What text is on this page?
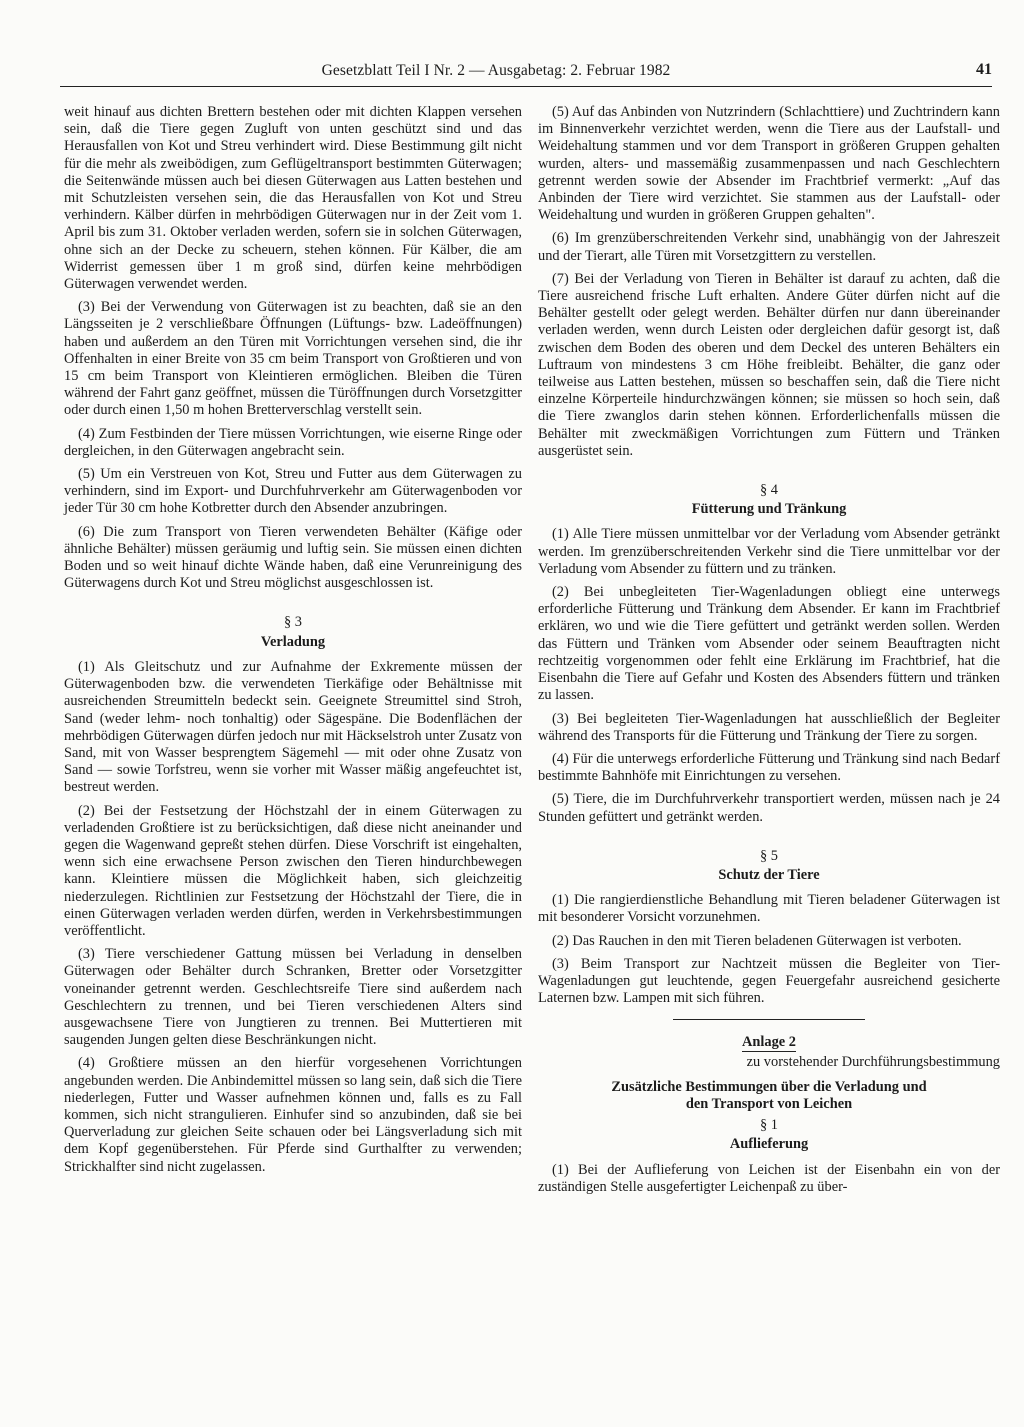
Gesetzblatt Teil I Nr. 2 — Ausgabetag: 2. Februar 1982	41

weit hinauf aus dichten Brettern bestehen oder mit dichten Klappen versehen sein, daß die Tiere gegen Zugluft von unten geschützt sind und das Herausfallen von Kot und Streu verhindert wird. Diese Bestimmung gilt nicht für die mehr als zweibödigen, zum Geflügeltransport bestimmten Güterwagen; die Seitenwände müssen auch bei diesen Güterwagen aus Latten bestehen und mit Schutzleisten versehen sein, die das Herausfallen von Kot und Streu verhindern. Kälber dürfen in mehrbödigen Güterwagen nur in der Zeit vom 1. April bis zum 31. Oktober verladen werden, sofern sie in solchen Güterwagen, ohne sich an der Decke zu scheuern, stehen können. Für Kälber, die am Widerrist gemessen über 1 m groß sind, dürfen keine mehrbödigen Güterwagen verwendet werden.

(3) Bei der Verwendung von Güterwagen ist zu beachten, daß sie an den Längsseiten je 2 verschließbare Öffnungen (Lüftungs- bzw. Ladeöffnungen) haben und außerdem an den Türen mit Vorrichtungen versehen sind, die ihr Offenhalten in einer Breite von 35 cm beim Transport von Großtieren und von 15 cm beim Transport von Kleintieren ermöglichen. Bleiben die Türen während der Fahrt ganz geöffnet, müssen die Türöffnungen durch Vorsetzgitter oder durch einen 1,50 m hohen Bretterverschlag verstellt sein.

(4) Zum Festbinden der Tiere müssen Vorrichtungen, wie eiserne Ringe oder dergleichen, in den Güterwagen angebracht sein.

(5) Um ein Verstreuen von Kot, Streu und Futter aus dem Güterwagen zu verhindern, sind im Export- und Durchfuhrverkehr am Güterwagenboden vor jeder Tür 30 cm hohe Kotbretter durch den Absender anzubringen.

(6) Die zum Transport von Tieren verwendeten Behälter (Käfige oder ähnliche Behälter) müssen geräumig und luftig sein. Sie müssen einen dichten Boden und so weit hinauf dichte Wände haben, daß eine Verunreinigung des Güterwagens durch Kot und Streu möglichst ausgeschlossen ist.

§ 3
Verladung

(1) Als Gleitschutz und zur Aufnahme der Exkremente müssen der Güterwagenboden bzw. die verwendeten Tierkäfige oder Behältnisse mit ausreichenden Streumitteln bedeckt sein. Geeignete Streumittel sind Stroh, Sand (weder lehm- noch tonhaltig) oder Sägespäne. Die Bodenflächen der mehrbödigen Güterwagen dürfen jedoch nur mit Häckselstroh unter Zusatz von Sand, mit von Wasser besprengtem Sägemehl — mit oder ohne Zusatz von Sand — sowie Torfstreu, wenn sie vorher mit Wasser mäßig angefeuchtet ist, bestreut werden.

(2) Bei der Festsetzung der Höchstzahl der in einem Güterwagen zu verladenden Großtiere ist zu berücksichtigen, daß diese nicht aneinander und gegen die Wagenwand gepreßt stehen dürfen. Diese Vorschrift ist eingehalten, wenn sich eine erwachsene Person zwischen den Tieren hindurchbewegen kann. Kleintiere müssen die Möglichkeit haben, sich gleichzeitig niederzulegen. Richtlinien zur Festsetzung der Höchstzahl der Tiere, die in einen Güterwagen verladen werden dürfen, werden in Verkehrsbestimmungen veröffentlicht.

(3) Tiere verschiedener Gattung müssen bei Verladung in denselben Güterwagen oder Behälter durch Schranken, Bretter oder Vorsetzgitter voneinander getrennt werden. Geschlechtsreife Tiere sind außerdem nach Geschlechtern zu trennen, und bei Tieren verschiedenen Alters sind ausgewachsene Tiere von Jungtieren zu trennen. Bei Muttertieren mit saugenden Jungen gelten diese Beschränkungen nicht.

(4) Großtiere müssen an den hierfür vorgesehenen Vorrichtungen angebunden werden. Die Anbindemittel müssen so lang sein, daß sich die Tiere niederlegen, Futter und Wasser aufnehmen können und, falls es zu Fall kommen, sich nicht strangulieren. Einhufer sind so anzubinden, daß sie bei Querverladung zur gleichen Seite schauen oder bei Längsverladung sich mit dem Kopf gegenüberstehen. Für Pferde sind Gurthalfter zu verwenden; Strickhalfter sind nicht zugelassen.

(5) Auf das Anbinden von Nutzrindern (Schlachttiere) und Zuchtrindern kann im Binnenverkehr verzichtet werden, wenn die Tiere aus der Laufstall- und Weidehaltung stammen und vor dem Transport in größeren Gruppen gehalten wurden, alters- und massemäßig zusammenpassen und nach Geschlechtern getrennt werden sowie der Absender im Frachtbrief vermerkt: „Auf das Anbinden der Tiere wird verzichtet. Sie stammen aus der Laufstall- oder Weidehaltung und wurden in größeren Gruppen gehalten".

(6) Im grenzüberschreitenden Verkehr sind, unabhängig von der Jahreszeit und der Tierart, alle Türen mit Vorsetzgittern zu verstellen.

(7) Bei der Verladung von Tieren in Behälter ist darauf zu achten, daß die Tiere ausreichend frische Luft erhalten. Andere Güter dürfen nicht auf die Behälter gestellt oder gelegt werden. Behälter dürfen nur dann übereinander verladen werden, wenn durch Leisten oder dergleichen dafür gesorgt ist, daß zwischen dem Boden des oberen und dem Deckel des unteren Behälters ein Luftraum von mindestens 3 cm Höhe freibleibt. Behälter, die ganz oder teilweise aus Latten bestehen, müssen so beschaffen sein, daß die Tiere nicht einzelne Körperteile hindurchzwängen können; sie müssen so hoch sein, daß die Tiere zwanglos darin stehen können. Erforderlichenfalls müssen die Behälter mit zweckmäßigen Vorrichtungen zum Füttern und Tränken ausgerüstet sein.

§ 4
Fütterung und Tränkung

(1) Alle Tiere müssen unmittelbar vor der Verladung vom Absender getränkt werden. Im grenzüberschreitenden Verkehr sind die Tiere unmittelbar vor der Verladung vom Absender zu füttern und zu tränken.

(2) Bei unbegleiteten Tier-Wagenladungen obliegt eine unterwegs erforderliche Fütterung und Tränkung dem Absender. Er kann im Frachtbrief erklären, wo und wie die Tiere gefüttert und getränkt werden sollen. Werden das Füttern und Tränken vom Absender oder seinem Beauftragten nicht rechtzeitig vorgenommen oder fehlt eine Erklärung im Frachtbrief, hat die Eisenbahn die Tiere auf Gefahr und Kosten des Absenders füttern und tränken zu lassen.

(3) Bei begleiteten Tier-Wagenladungen hat ausschließlich der Begleiter während des Transports für die Fütterung und Tränkung der Tiere zu sorgen.

(4) Für die unterwegs erforderliche Fütterung und Tränkung sind nach Bedarf bestimmte Bahnhöfe mit Einrichtungen zu versehen.

(5) Tiere, die im Durchfuhrverkehr transportiert werden, müssen nach je 24 Stunden gefüttert und getränkt werden.

§ 5
Schutz der Tiere

(1) Die rangierdienstliche Behandlung mit Tieren beladener Güterwagen ist mit besonderer Vorsicht vorzunehmen.

(2) Das Rauchen in den mit Tieren beladenen Güterwagen ist verboten.

(3) Beim Transport zur Nachtzeit müssen die Begleiter von Tier-Wagenladungen gut leuchtende, gegen Feuergefahr ausreichend gesicherte Laternen bzw. Lampen mit sich führen.

Anlage 2
zu vorstehender Durchführungsbestimmung
Zusätzliche Bestimmungen über die Verladung und
den Transport von Leichen
§ 1
Auflieferung

(1) Bei der Auflieferung von Leichen ist der Eisenbahn ein von der zuständigen Stelle ausgefertigter Leichenpaß zu über-
